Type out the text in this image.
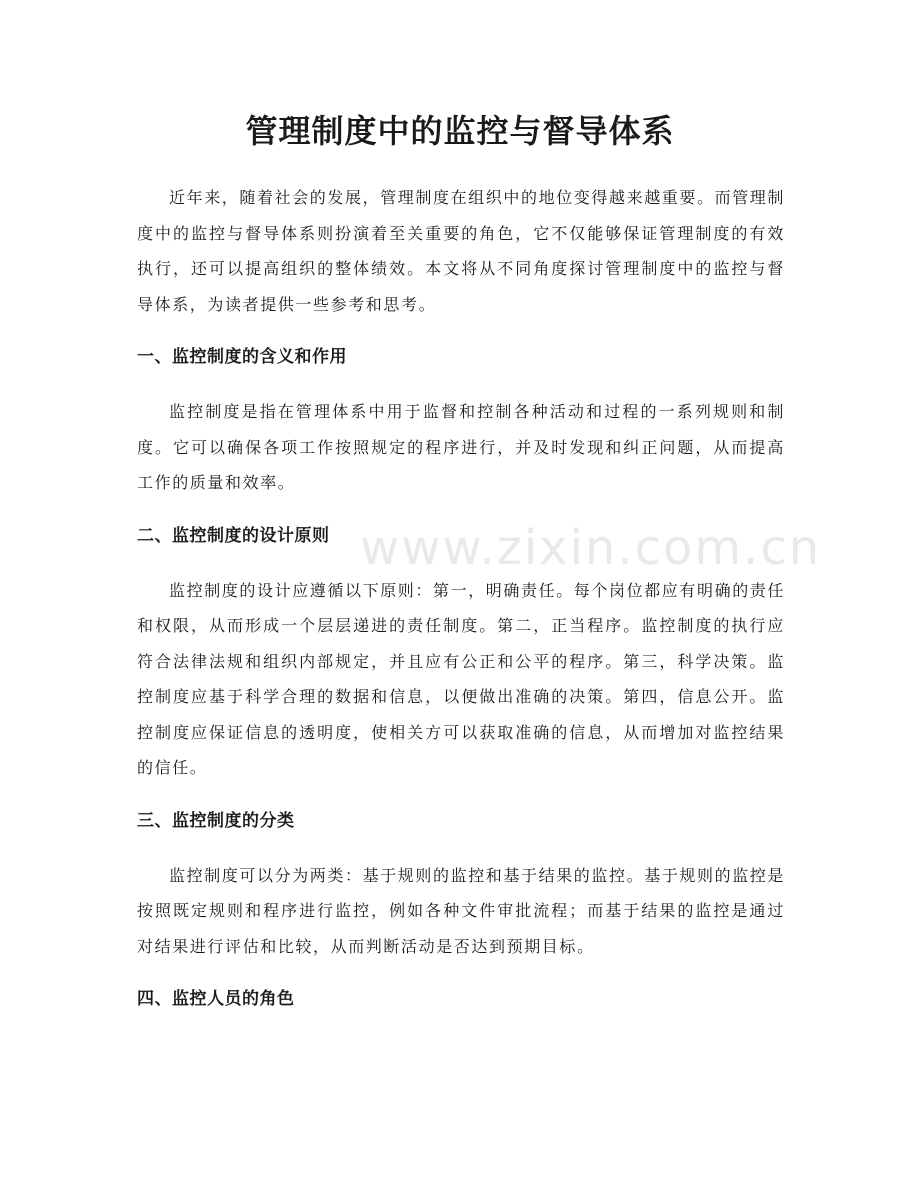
www.zixin.com.cn
管理制度中的监控与督导体系

近年来，随着社会的发展，管理制度在组织中的地位变得越来越重要。而管理制度中的监控与督导体系则扮演着至关重要的角色，它不仅能够保证管理制度的有效执行，还可以提高组织的整体绩效。本文将从不同角度探讨管理制度中的监控与督导体系，为读者提供一些参考和思考。

一、监控制度的含义和作用

监控制度是指在管理体系中用于监督和控制各种活动和过程的一系列规则和制度。它可以确保各项工作按照规定的程序进行，并及时发现和纠正问题，从而提高工作的质量和效率。

二、监控制度的设计原则

监控制度的设计应遵循以下原则：第一，明确责任。每个岗位都应有明确的责任和权限，从而形成一个层层递进的责任制度。第二，正当程序。监控制度的执行应符合法律法规和组织内部规定，并且应有公正和公平的程序。第三，科学决策。监控制度应基于科学合理的数据和信息，以便做出准确的决策。第四，信息公开。监控制度应保证信息的透明度，使相关方可以获取准确的信息，从而增加对监控结果的信任。

三、监控制度的分类

监控制度可以分为两类：基于规则的监控和基于结果的监控。基于规则的监控是按照既定规则和程序进行监控，例如各种文件审批流程；而基于结果的监控是通过对结果进行评估和比较，从而判断活动是否达到预期目标。

四、监控人员的角色
